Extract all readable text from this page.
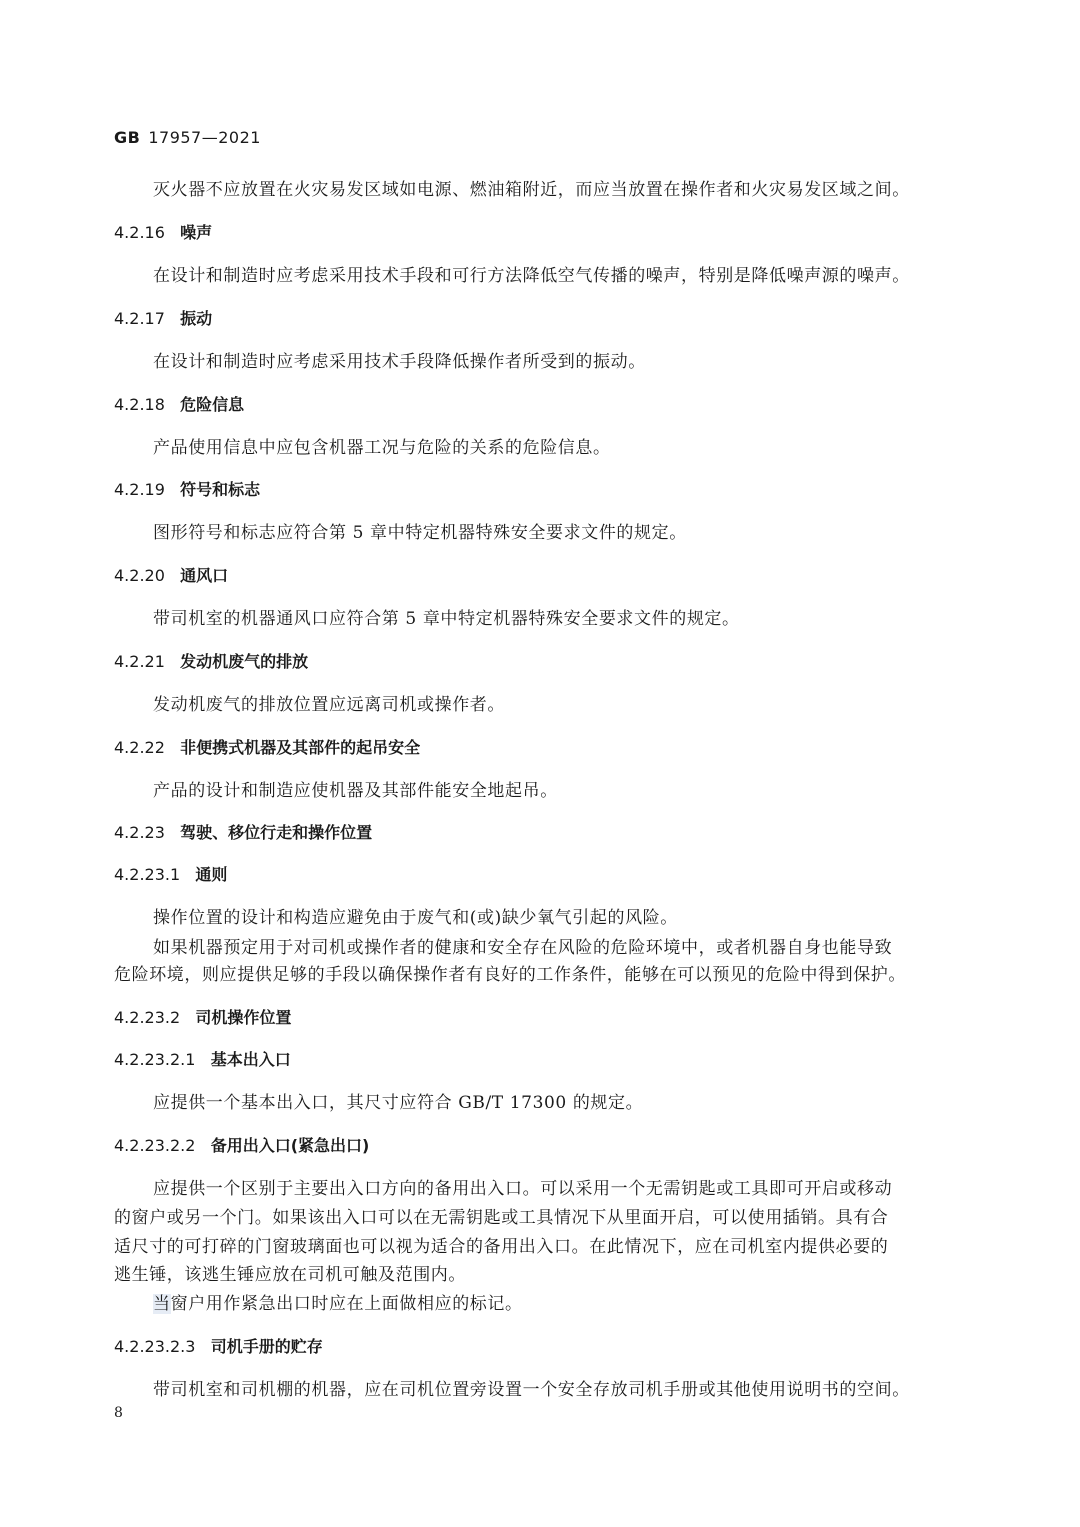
GB 17957—2021
灭火器不应放置在火灾易发区域如电源、燃油箱附近，而应当放置在操作者和火灾易发区域之间。
4.2.16 噪声
在设计和制造时应考虑采用技术手段和可行方法降低空气传播的噪声，特别是降低噪声源的噪声。
4.2.17 振动
在设计和制造时应考虑采用技术手段降低操作者所受到的振动。
4.2.18 危险信息
产品使用信息中应包含机器工况与危险的关系的危险信息。
4.2.19 符号和标志
图形符号和标志应符合第 5 章中特定机器特殊安全要求文件的规定。
4.2.20 通风口
带司机室的机器通风口应符合第 5 章中特定机器特殊安全要求文件的规定。
4.2.21 发动机废气的排放
发动机废气的排放位置应远离司机或操作者。
4.2.22 非便携式机器及其部件的起吊安全
产品的设计和制造应使机器及其部件能安全地起吊。
4.2.23 驾驶、移位行走和操作位置
4.2.23.1 通则
操作位置的设计和构造应避免由于废气和(或)缺少氧气引起的风险。
如果机器预定用于对司机或操作者的健康和安全存在风险的危险环境中，或者机器自身也能导致
危险环境，则应提供足够的手段以确保操作者有良好的工作条件，能够在可以预见的危险中得到保护。
4.2.23.2 司机操作位置
4.2.23.2.1 基本出入口
应提供一个基本出入口，其尺寸应符合 GB/T 17300 的规定。
4.2.23.2.2 备用出入口(紧急出口)
应提供一个区别于主要出入口方向的备用出入口。可以采用一个无需钥匙或工具即可开启或移动
的窗户或另一个门。如果该出入口可以在无需钥匙或工具情况下从里面开启，可以使用插销。具有合
适尺寸的可打碎的门窗玻璃面也可以视为适合的备用出入口。在此情况下，应在司机室内提供必要的
逃生锤，该逃生锤应放在司机可触及范围内。
当窗户用作紧急出口时应在上面做相应的标记。
4.2.23.2.3 司机手册的贮存
带司机室和司机棚的机器，应在司机位置旁设置一个安全存放司机手册或其他使用说明书的空间。
8
